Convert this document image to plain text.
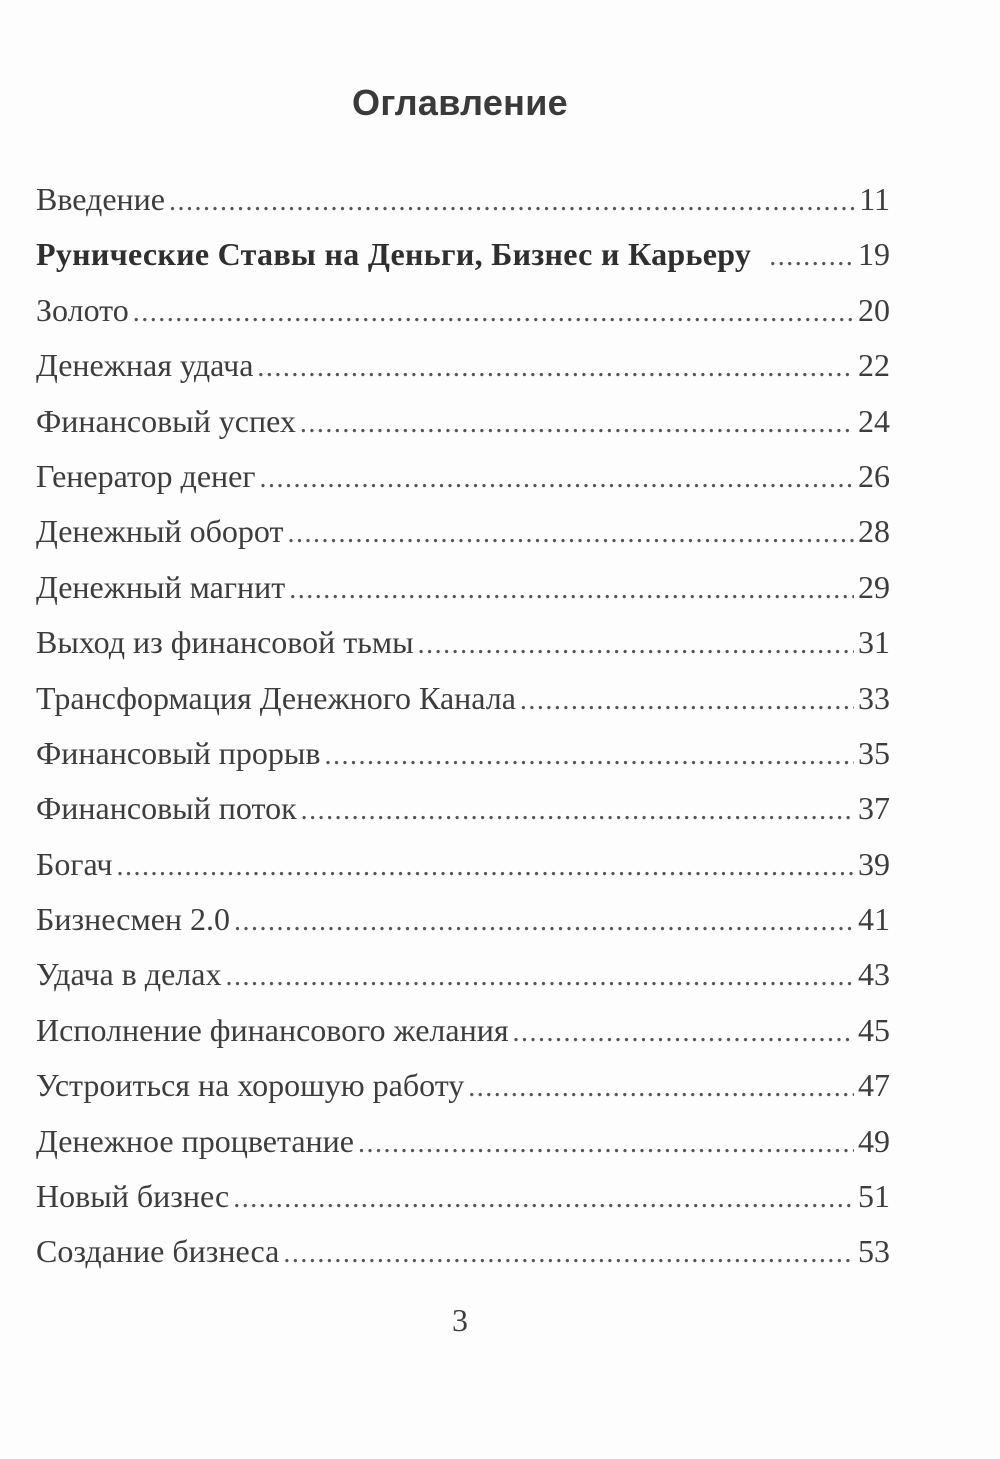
Оглавление
Введение .....	11
Рунические Ставы на Деньги, Бизнес и Карьеру .....	19
Золото .....	20
Денежная удача .....	22
Финансовый успех .....	24
Генератор денег .....	26
Денежный оборот .....	28
Денежный магнит .....	29
Выход из финансовой тьмы .....	31
Трансформация Денежного Канала .....	33
Финансовый прорыв .....	35
Финансовый поток .....	37
Богач .....	39
Бизнесмен 2.0 .....	41
Удача в делах .....	43
Исполнение финансового желания .....	45
Устроиться на хорошую работу .....	47
Денежное процветание .....	49
Новый бизнес .....	51
Создание бизнеса .....	53
3
